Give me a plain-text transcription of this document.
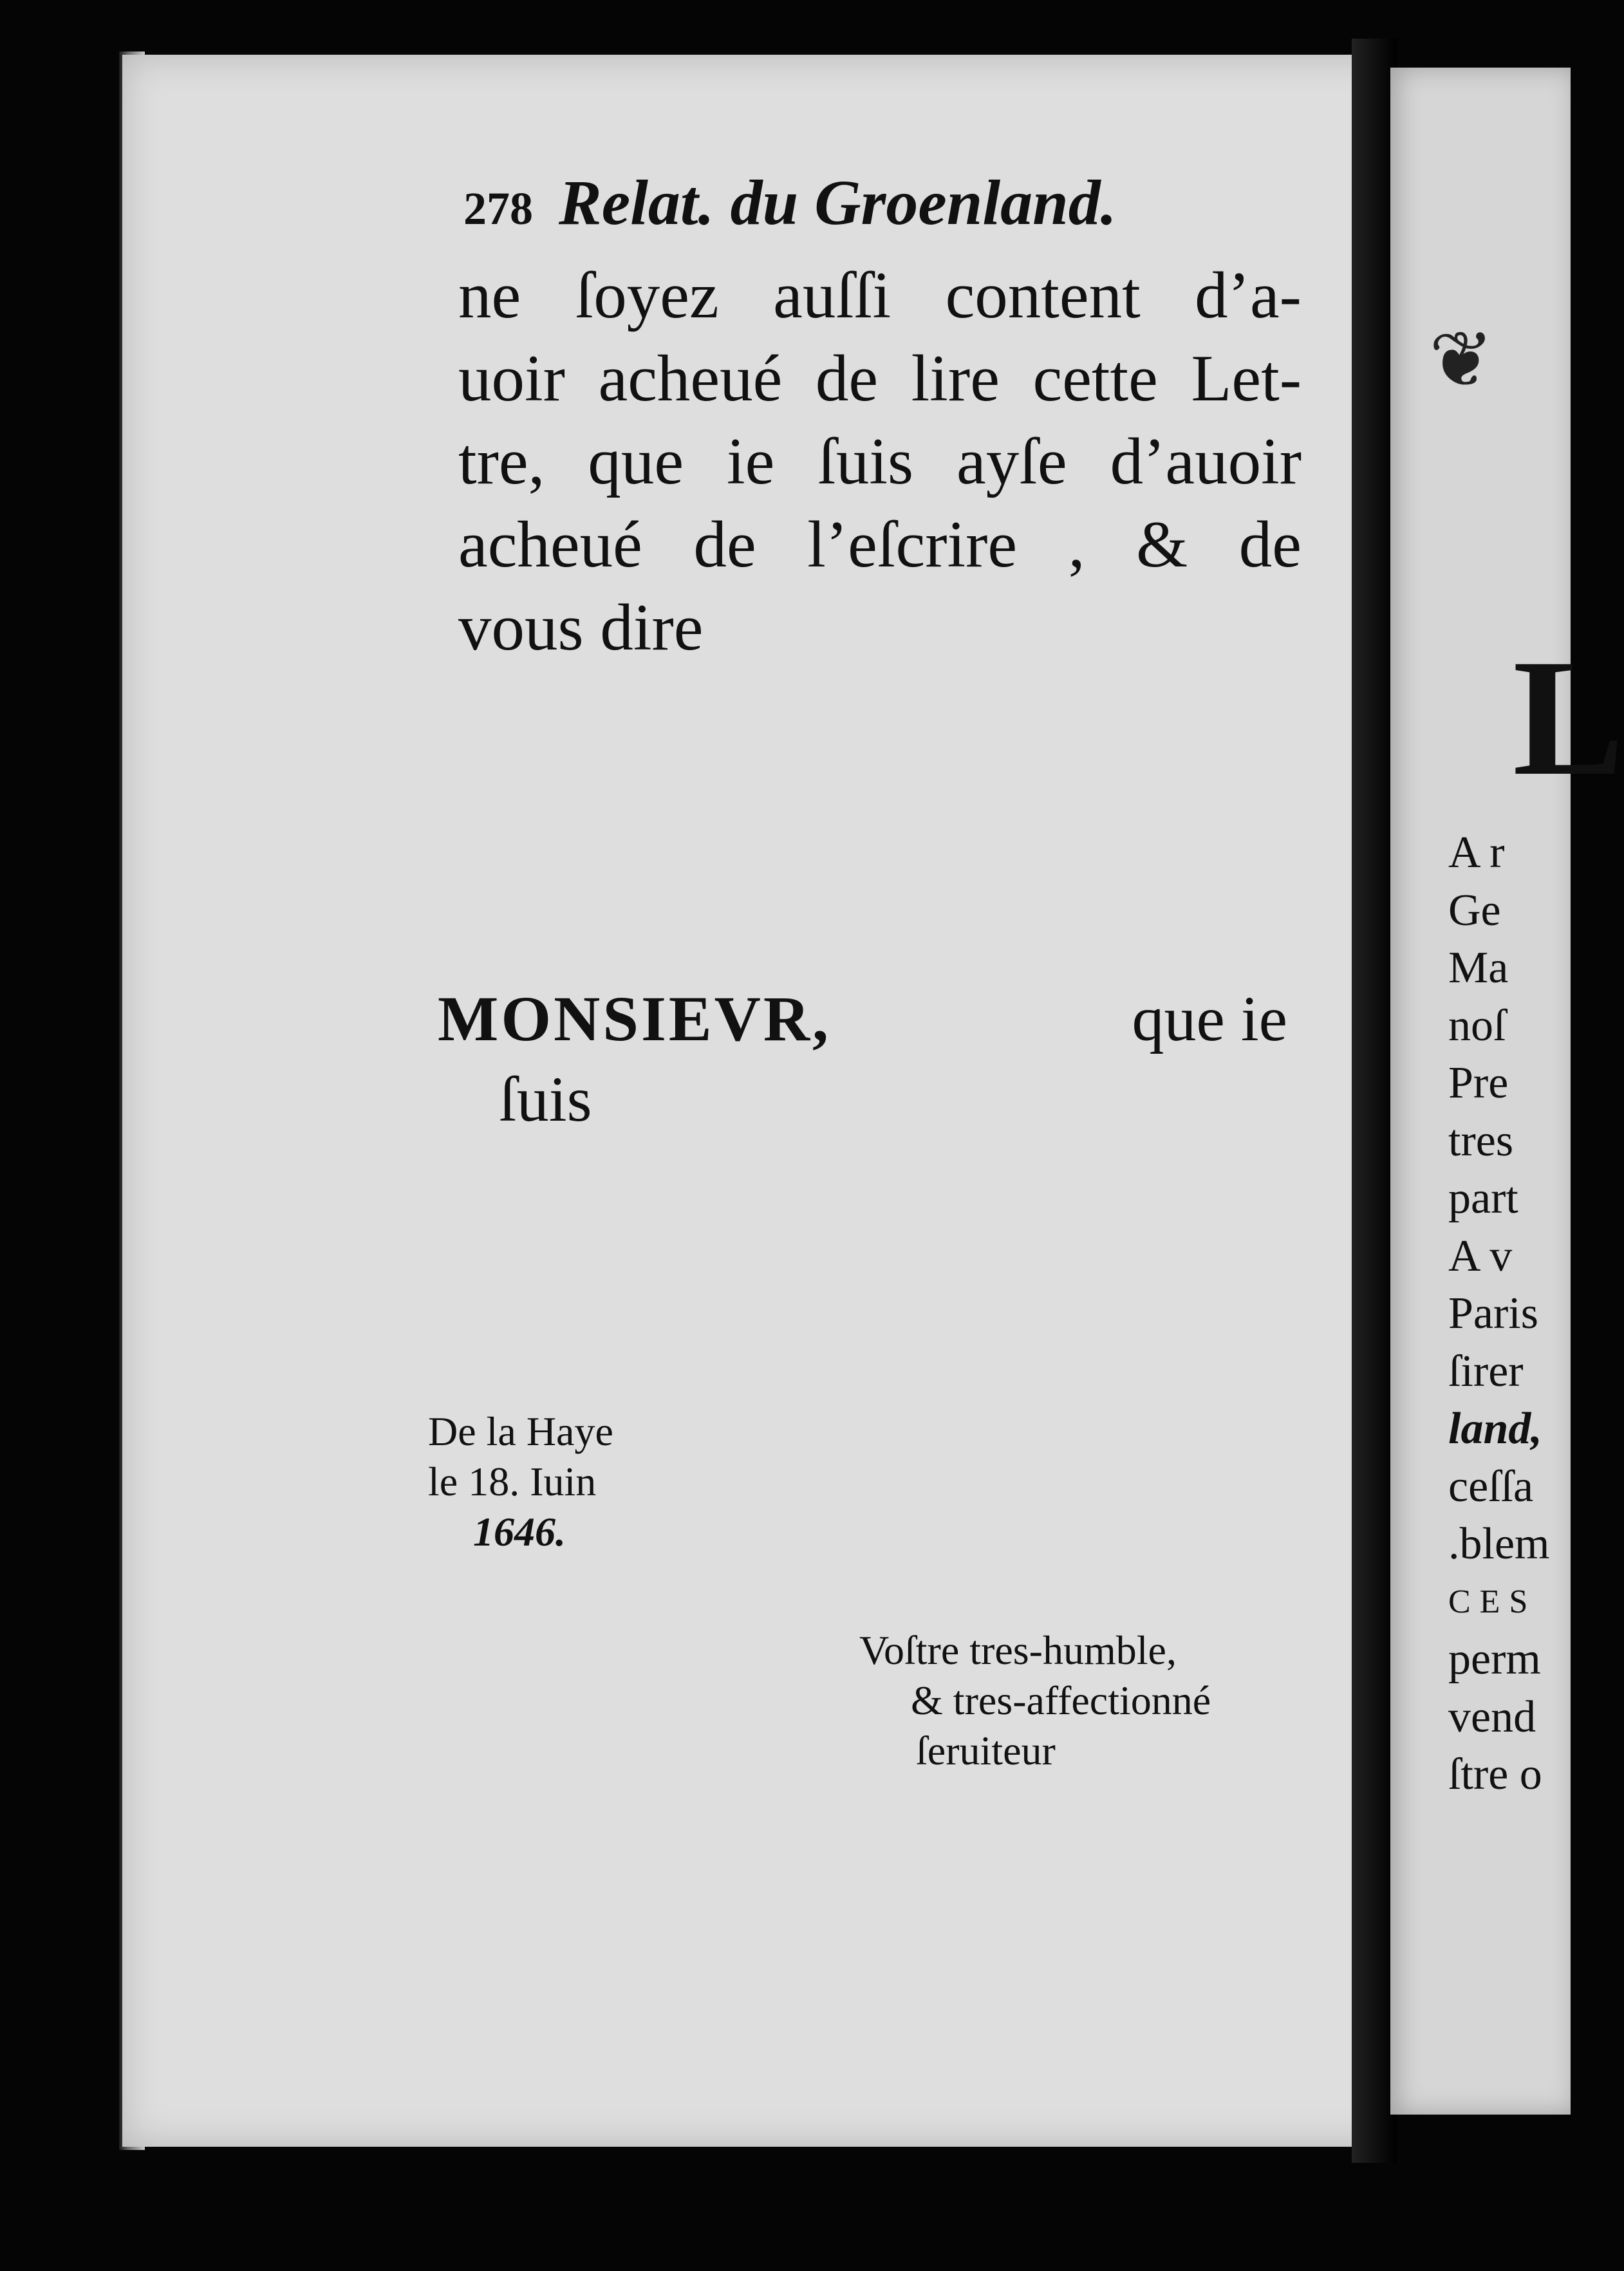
❦
L
A r
Ge
Ma
noſ
Pre
tres
part
A v
Paris
ſirer
land,
ceſſa
.blem
CES
perm
vend
ſtre o
278 Relat. du Groenland.
ne ſoyez auſſi content d’a-
uoir acheué de lire cette Let-
tre, que ie ſuis ayſe d’auoir
acheué de l’eſcrire , & de
vous dire
MONSIEVR,	que ie
ſuis
De la Haye
le 18. Iuin
1646.
Voſtre tres-humble,
& tres-affectionné
ſeruiteur
